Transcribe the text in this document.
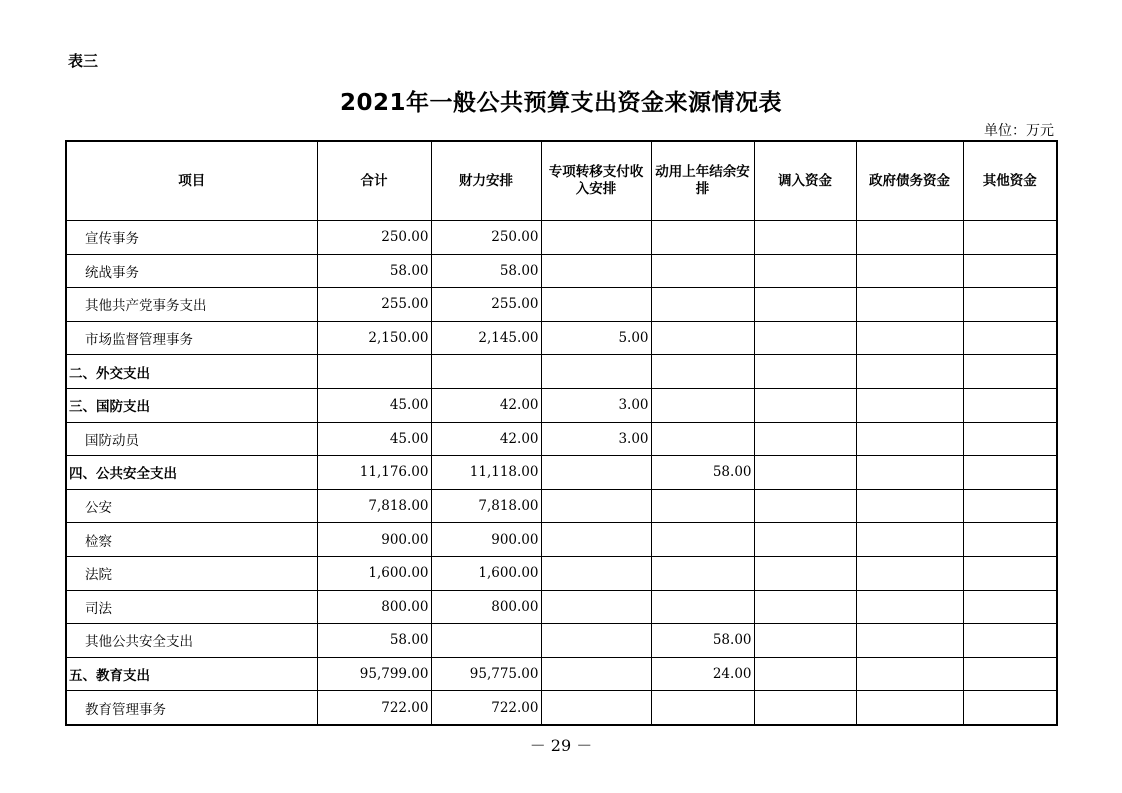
表三
2021年一般公共预算支出资金来源情况表
单位：万元
项目	合计	财力安排	专项转移支付收入安排	动用上年结余安排	调入资金	政府债务资金	其他资金
宣传事务	250.00	250.00					
统战事务	58.00	58.00					
其他共产党事务支出	255.00	255.00					
市场监督管理事务	2,150.00	2,145.00	5.00				
二、外交支出							
三、国防支出	45.00	42.00	3.00				
国防动员	45.00	42.00	3.00				
四、公共安全支出	11,176.00	11,118.00		58.00			
公安	7,818.00	7,818.00					
检察	900.00	900.00					
法院	1,600.00	1,600.00					
司法	800.00	800.00					
其他公共安全支出	58.00			58.00			
五、教育支出	95,799.00	95,775.00		24.00			
教育管理事务	722.00	722.00					
－ 29 －
